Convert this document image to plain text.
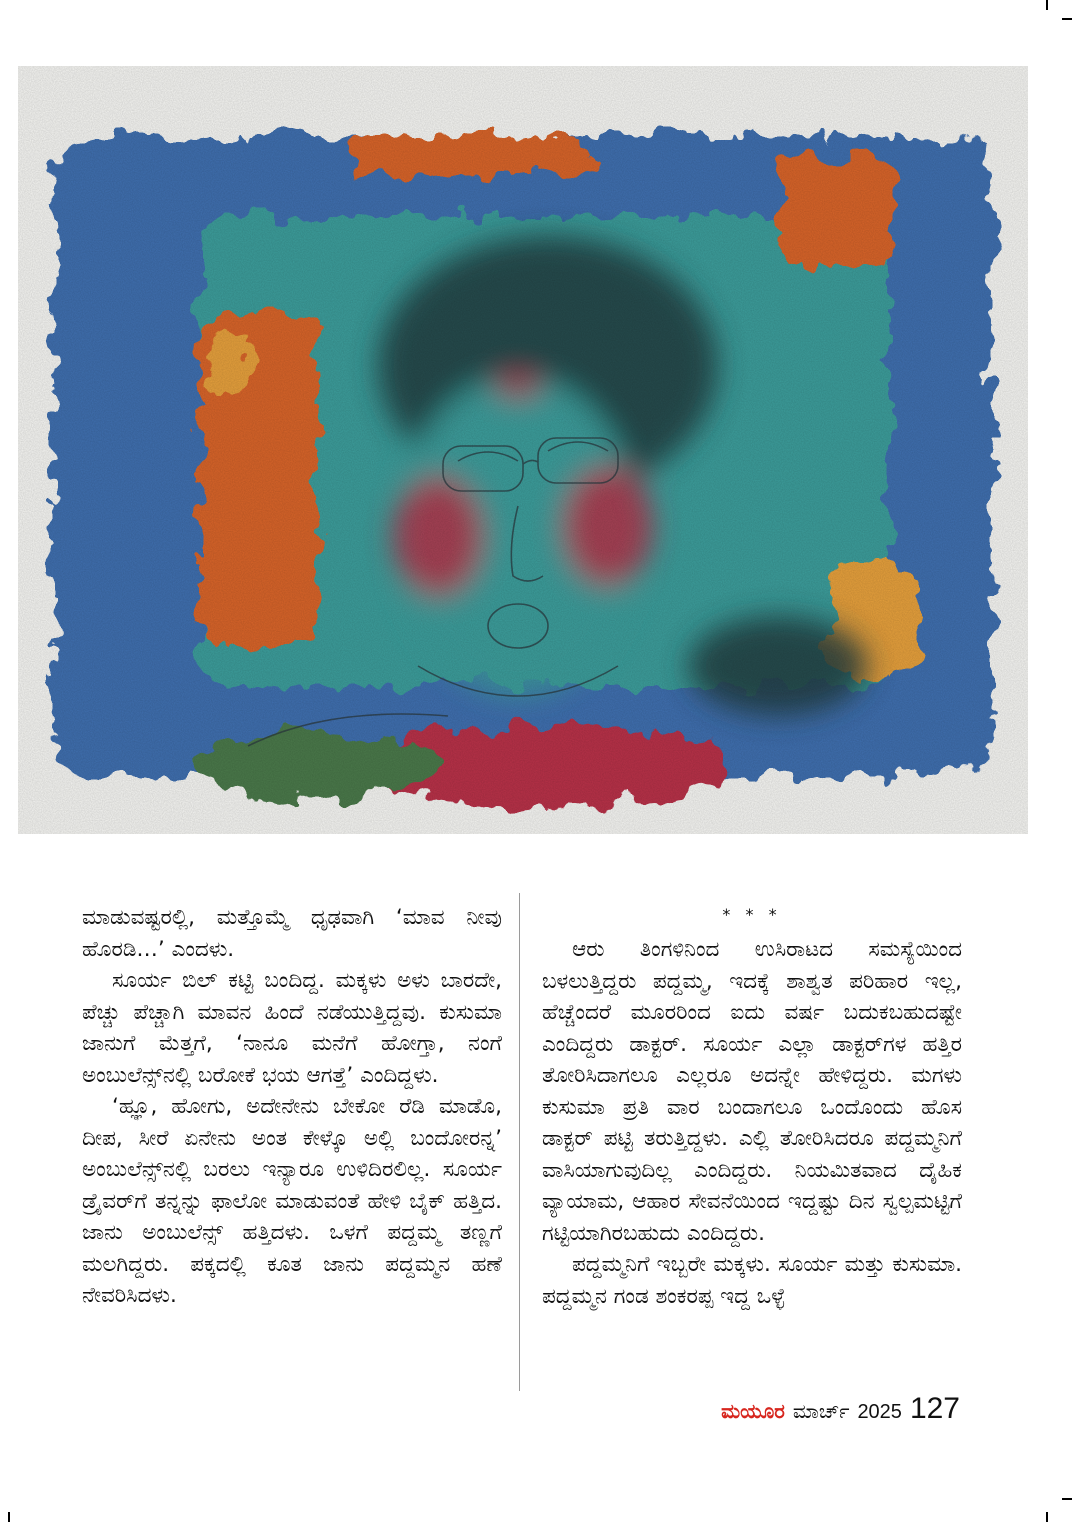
ಮಾಡುವಷ್ಟರಲ್ಲಿ, ಮತ್ತೊಮ್ಮೆ ಧೃಢವಾಗಿ ‘ಮಾವ ನೀವು ಹೊರಡಿ…’ ಎಂದಳು.

ಸೂರ್ಯ ಬಿಲ್ ಕಟ್ಟಿ ಬಂದಿದ್ದ. ಮಕ್ಕಳು ಅಳು ಬಾರದೇ, ಪೆಚ್ಚು ಪೆಚ್ಚಾಗಿ ಮಾವನ ಹಿಂದೆ ನಡೆಯುತ್ತಿದ್ದವು. ಕುಸುಮಾ ಜಾನುಗೆ ಮೆತ್ತಗೆ, ‘ನಾನೂ ಮನೆಗೆ ಹೋಗ್ತಾ, ನಂಗೆ ಅಂಬುಲೆನ್ಸ್‌ನಲ್ಲಿ ಬರೋಕೆ ಭಯ ಆಗತ್ತೆ’ ಎಂದಿದ್ದಳು.

‘ಹ್ಞೂ, ಹೋಗು, ಅದೇನೇನು ಬೇಕೋ ರೆಡಿ ಮಾಡೊ, ದೀಪ, ಸೀರೆ ಏನೇನು ಅಂತ ಕೇಳ್ಕೊ ಅಲ್ಲಿ ಬಂದೋರನ್ನ’ ಅಂಬುಲೆನ್ಸ್‌ನಲ್ಲಿ ಬರಲು ಇನ್ಯಾರೂ ಉಳಿದಿರಲಿಲ್ಲ. ಸೂರ್ಯ ಡ್ರೈವರ್‌ಗೆ ತನ್ನನ್ನು ಫಾಲೋ ಮಾಡುವಂತೆ ಹೇಳಿ ಬೈಕ್ ಹತ್ತಿದ. ಜಾನು ಅಂಬುಲೆನ್ಸ್ ಹತ್ತಿದಳು. ಒಳಗೆ ಪದ್ದಮ್ಮ ತಣ್ಣಗೆ ಮಲಗಿದ್ದರು. ಪಕ್ಕದಲ್ಲಿ ಕೂತ ಜಾನು ಪದ್ದಮ್ಮನ ಹಣೆ ನೇವರಿಸಿದಳು.

* * *

ಆರು ತಿಂಗಳಿನಿಂದ ಉಸಿರಾಟದ ಸಮಸ್ಯೆಯಿಂದ ಬಳಲುತ್ತಿದ್ದರು ಪದ್ದಮ್ಮ, ಇದಕ್ಕೆ ಶಾಶ್ವತ ಪರಿಹಾರ ಇಲ್ಲ, ಹೆಚ್ಚೆಂದರೆ ಮೂರರಿಂದ ಐದು ವರ್ಷ ಬದುಕಬಹುದಷ್ಟೇ ಎಂದಿದ್ದರು ಡಾಕ್ಟರ್. ಸೂರ್ಯ ಎಲ್ಲಾ ಡಾಕ್ಟರ್‌ಗಳ ಹತ್ತಿರ ತೋರಿಸಿದಾಗಲೂ ಎಲ್ಲರೂ ಅದನ್ನೇ ಹೇಳಿದ್ದರು. ಮಗಳು ಕುಸುಮಾ ಪ್ರತಿ ವಾರ ಬಂದಾಗಲೂ ಒಂದೊಂದು ಹೊಸ ಡಾಕ್ಟರ್ ಪಟ್ಟಿ ತರುತ್ತಿದ್ದಳು. ಎಲ್ಲಿ ತೋರಿಸಿದರೂ ಪದ್ದಮ್ಮನಿಗೆ ವಾಸಿಯಾಗುವುದಿಲ್ಲ ಎಂದಿದ್ದರು. ನಿಯಮಿತವಾದ ದೈಹಿಕ ವ್ಯಾಯಾಮ, ಆಹಾರ ಸೇವನೆಯಿಂದ ಇದ್ದಷ್ಟು ದಿನ ಸ್ವಲ್ಪಮಟ್ಟಿಗೆ ಗಟ್ಟಿಯಾಗಿರಬಹುದು ಎಂದಿದ್ದರು.

ಪದ್ದಮ್ಮನಿಗೆ ಇಬ್ಬರೇ ಮಕ್ಕಳು. ಸೂರ್ಯ ಮತ್ತು ಕುಸುಮಾ. ಪದ್ದಮ್ಮನ ಗಂಡ ಶಂಕರಪ್ಪ ಇದ್ದ ಒಳ್ಳೆ

ಮಯೂರ ಮಾರ್ಚ್ 2025 127
